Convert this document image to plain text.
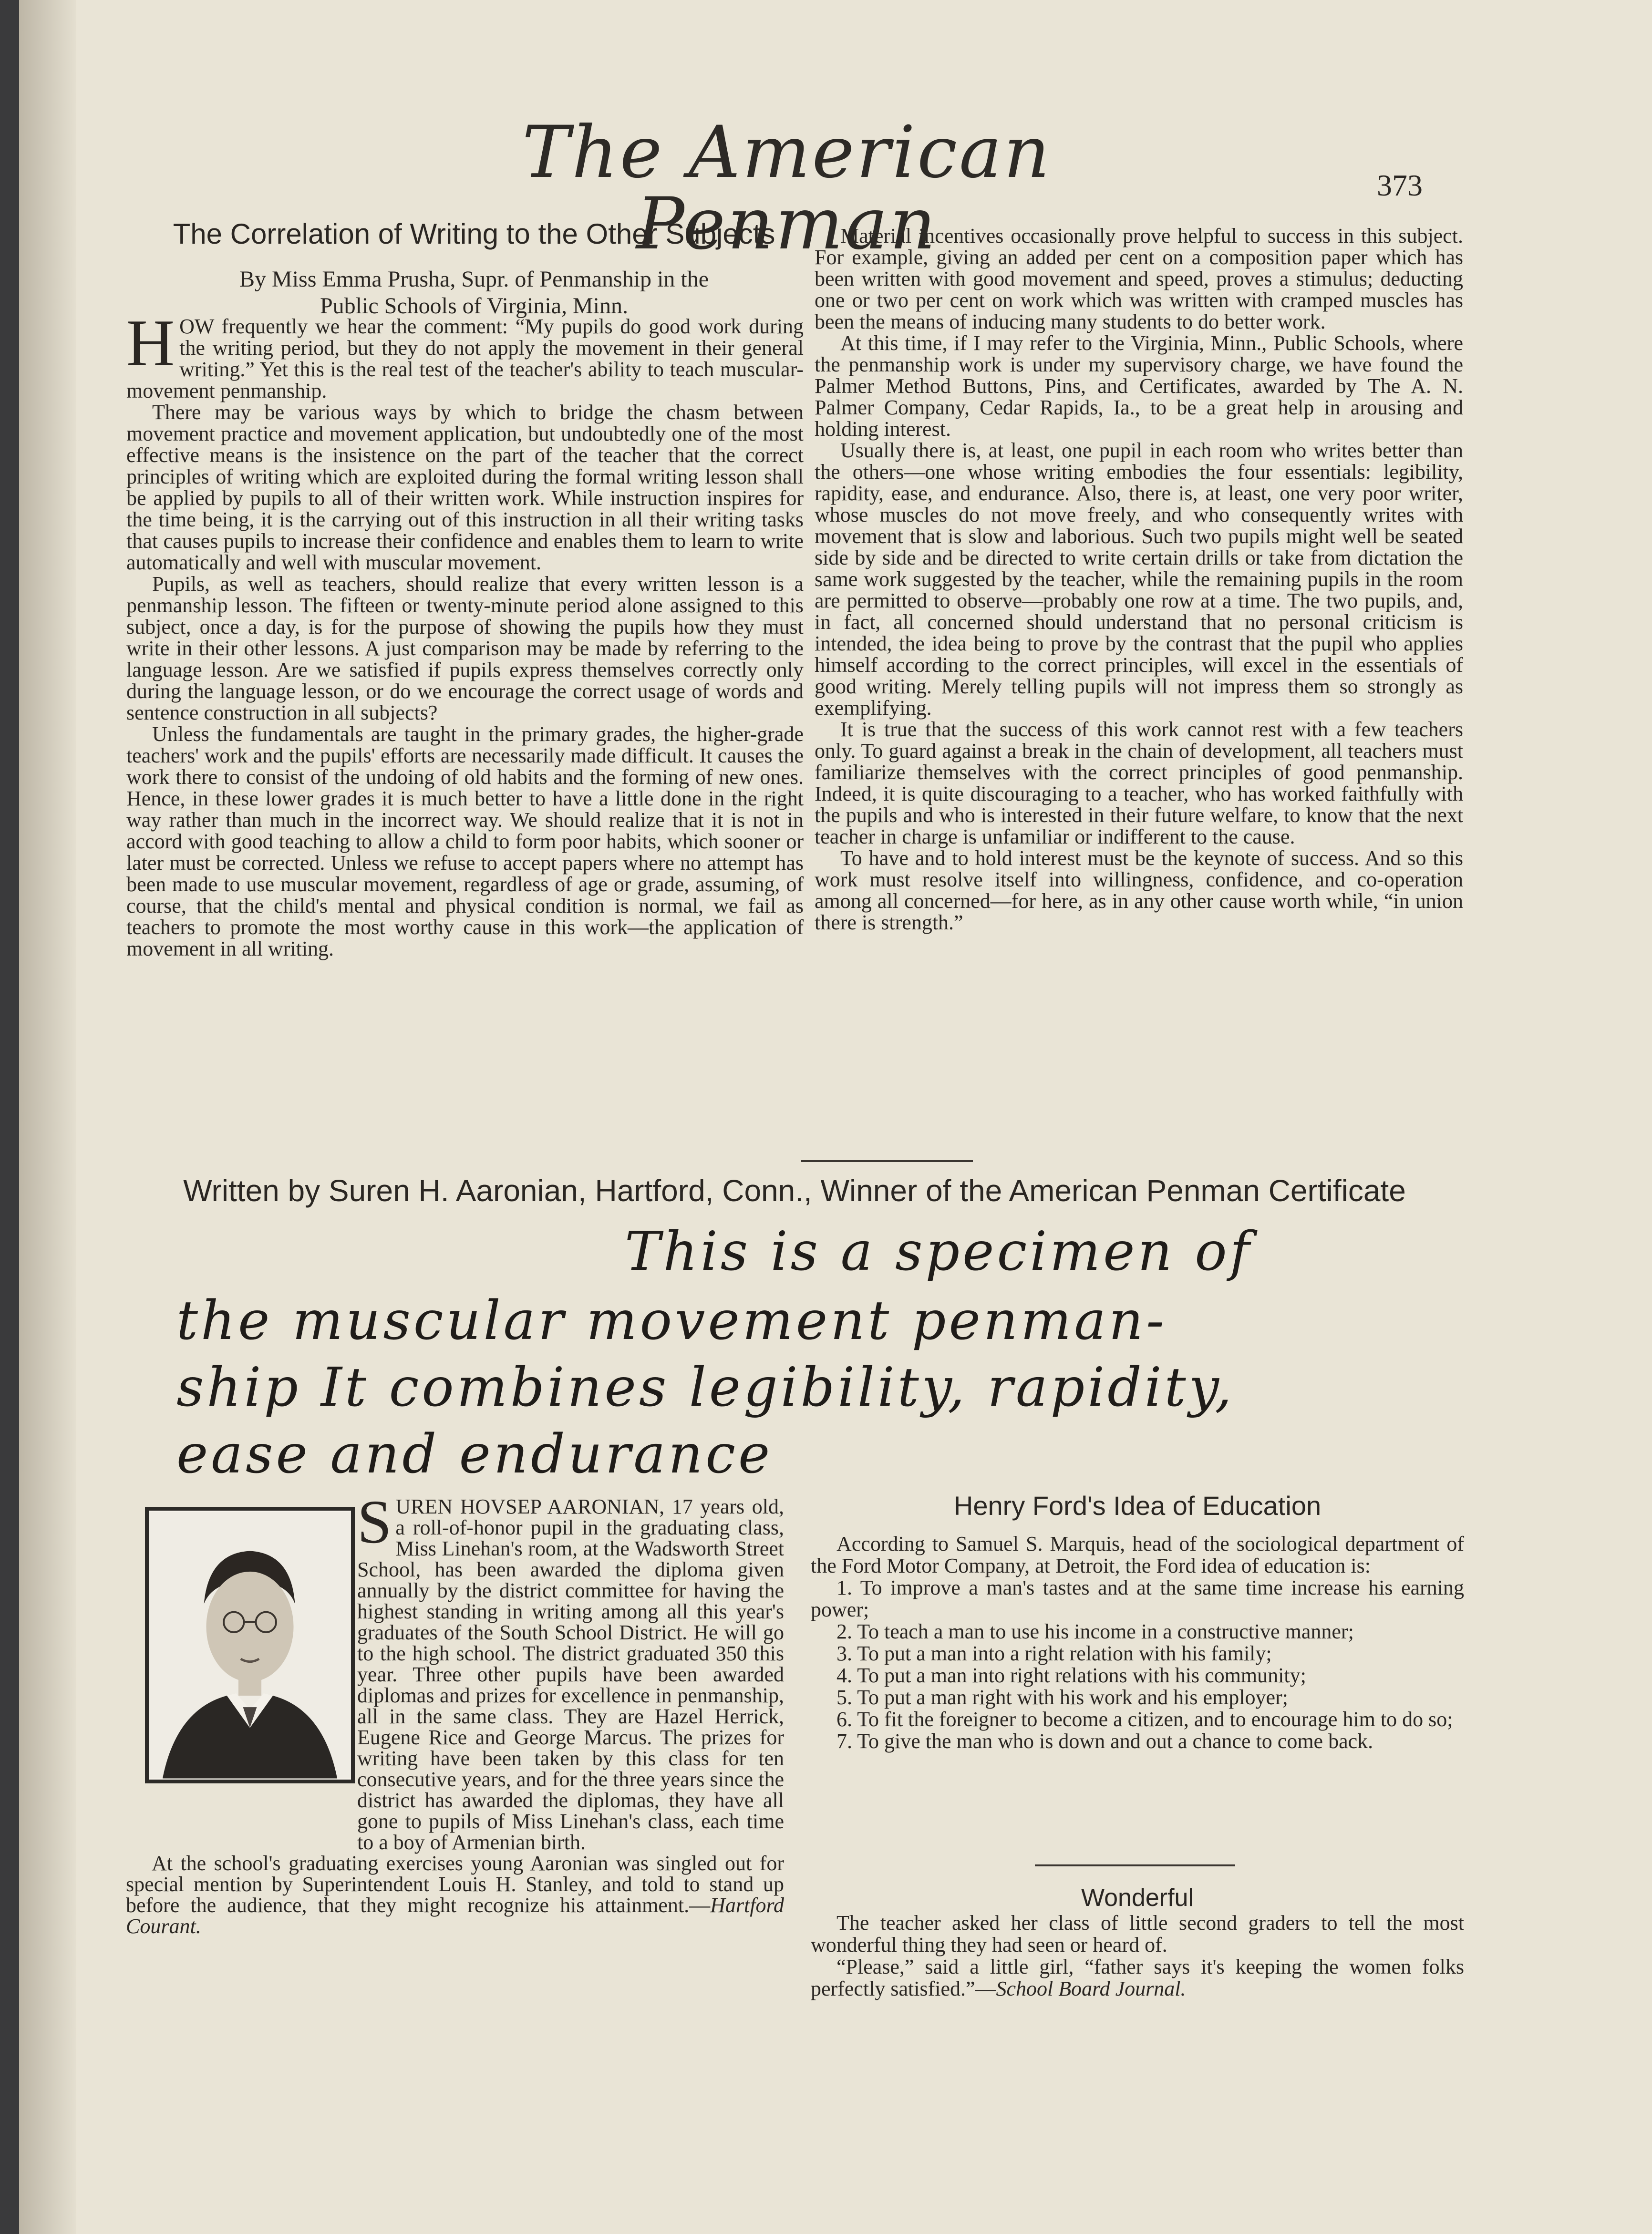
The American Penman	373
The Correlation of Writing to the Other Subjects
By Miss Emma Prusha, Supr. of Penmanship in the
Public Schools of Virginia, Minn.

HOW frequently we hear the comment: “My pupils do good work during the writing period, but they do not apply the movement in their general writing.” Yet this is the real test of the teacher's ability to teach muscular-movement penmanship.

There may be various ways by which to bridge the chasm between movement practice and movement application, but undoubtedly one of the most effective means is the insistence on the part of the teacher that the correct principles of writing which are exploited during the formal writing lesson shall be applied by pupils to all of their written work. While instruction inspires for the time being, it is the carrying out of this instruction in all their writing tasks that causes pupils to increase their confidence and enables them to learn to write automatically and well with muscular movement.

Pupils, as well as teachers, should realize that every written lesson is a penmanship lesson. The fifteen or twenty-minute period alone assigned to this subject, once a day, is for the purpose of showing the pupils how they must write in their other lessons. A just comparison may be made by referring to the language lesson. Are we satisfied if pupils express themselves correctly only during the language lesson, or do we encourage the correct usage of words and sentence construction in all subjects?

Unless the fundamentals are taught in the primary grades, the higher-grade teachers' work and the pupils' efforts are necessarily made difficult. It causes the work there to consist of the undoing of old habits and the forming of new ones. Hence, in these lower grades it is much better to have a little done in the right way rather than much in the incorrect way. We should realize that it is not in accord with good teaching to allow a child to form poor habits, which sooner or later must be corrected. Unless we refuse to accept papers where no attempt has been made to use muscular movement, regardless of age or grade, assuming, of course, that the child's mental and physical condition is normal, we fail as teachers to promote the most worthy cause in this work—the application of movement in all writing.

Material incentives occasionally prove helpful to success in this subject. For example, giving an added per cent on a composition paper which has been written with good movement and speed, proves a stimulus; deducting one or two per cent on work which was written with cramped muscles has been the means of inducing many students to do better work.

At this time, if I may refer to the Virginia, Minn., Public Schools, where the penmanship work is under my supervisory charge, we have found the Palmer Method Buttons, Pins, and Certificates, awarded by The A. N. Palmer Company, Cedar Rapids, Ia., to be a great help in arousing and holding interest.

Usually there is, at least, one pupil in each room who writes better than the others—one whose writing embodies the four essentials: legibility, rapidity, ease, and endurance. Also, there is, at least, one very poor writer, whose muscles do not move freely, and who consequently writes with movement that is slow and laborious. Such two pupils might well be seated side by side and be directed to write certain drills or take from dictation the same work suggested by the teacher, while the remaining pupils in the room are permitted to observe—probably one row at a time. The two pupils, and, in fact, all concerned should understand that no personal criticism is intended, the idea being to prove by the contrast that the pupil who applies himself according to the correct principles, will excel in the essentials of good writing. Merely telling pupils will not impress them so strongly as exemplifying.

It is true that the success of this work cannot rest with a few teachers only. To guard against a break in the chain of development, all teachers must familiarize themselves with the correct principles of good penmanship. Indeed, it is quite discouraging to a teacher, who has worked faithfully with the pupils and who is interested in their future welfare, to know that the next teacher in charge is unfamiliar or indifferent to the cause.

To have and to hold interest must be the keynote of success. And so this work must resolve itself into willingness, confidence, and co-operation among all concerned—for here, as in any other cause worth while, “in union there is strength.”

Written by Suren H. Aaronian, Hartford, Conn., Winner of the American Penman Certificate
This is a specimen of
the muscular movement penman-
ship It combines legibility, rapidity,
ease and endurance

SUREN HOVSEP AARONIAN, 17 years old, a roll-of-honor pupil in the graduating class, Miss Linehan's room, at the Wadsworth Street School, has been awarded the diploma given annually by the district committee for having the highest standing in writing among all this year's graduates of the South School District. He will go to the high school. The district graduated 350 this year. Three other pupils have been awarded diplomas and prizes for excellence in penmanship, all in the same class. They are Hazel Herrick, Eugene Rice and George Marcus. The prizes for writing have been taken by this class for ten consecutive years, and for the three years since the district has awarded the diplomas, they have all gone to pupils of Miss Linehan's class, each time to a boy of Armenian birth.

At the school's graduating exercises young Aaronian was singled out for special mention by Superintendent Louis H. Stanley, and told to stand up before the audience, that they might recognize his attainment.—Hartford Courant.

Henry Ford's Idea of Education

According to Samuel S. Marquis, head of the sociological department of the Ford Motor Company, at Detroit, the Ford idea of education is:

1. To improve a man's tastes and at the same time increase his earning power;

2. To teach a man to use his income in a constructive manner;

3. To put a man into a right relation with his family;

4. To put a man into right relations with his community;

5. To put a man right with his work and his employer;

6. To fit the foreigner to become a citizen, and to encourage him to do so;

7. To give the man who is down and out a chance to come back.

Wonderful

The teacher asked her class of little second graders to tell the most wonderful thing they had seen or heard of.

“Please,” said a little girl, “father says it's keeping the women folks perfectly satisfied.”—School Board Journal.
